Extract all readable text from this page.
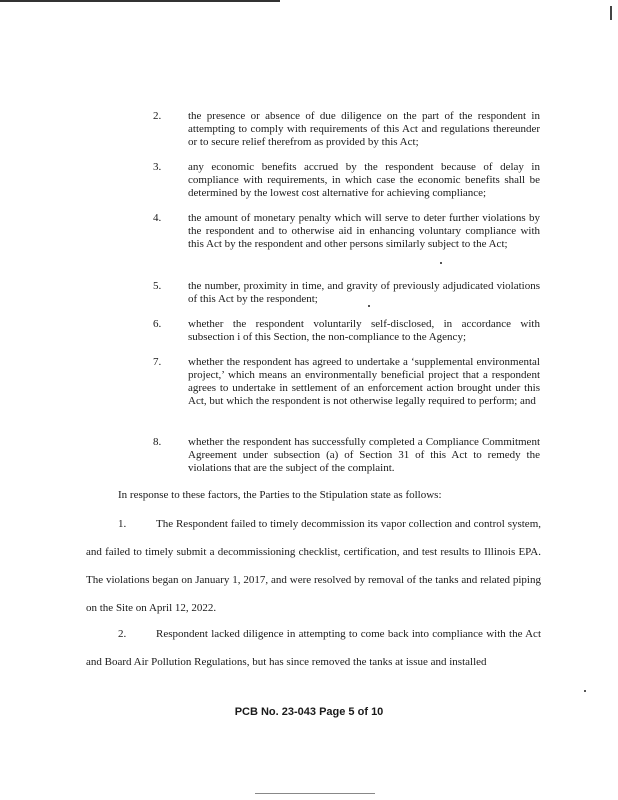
2. the presence or absence of due diligence on the part of the respondent in attempting to comply with requirements of this Act and regulations thereunder or to secure relief therefrom as provided by this Act;
3. any economic benefits accrued by the respondent because of delay in compliance with requirements, in which case the economic benefits shall be determined by the lowest cost alternative for achieving compliance;
4. the amount of monetary penalty which will serve to deter further violations by the respondent and to otherwise aid in enhancing voluntary compliance with this Act by the respondent and other persons similarly subject to the Act;
5. the number, proximity in time, and gravity of previously adjudicated violations of this Act by the respondent;
6. whether the respondent voluntarily self-disclosed, in accordance with subsection i of this Section, the non-compliance to the Agency;
7. whether the respondent has agreed to undertake a ‘supplemental environmental project,’ which means an environmentally beneficial project that a respondent agrees to undertake in settlement of an enforcement action brought under this Act, but which the respondent is not otherwise legally required to perform; and
8. whether the respondent has successfully completed a Compliance Commitment Agreement under subsection (a) of Section 31 of this Act to remedy the violations that are the subject of the complaint.
In response to these factors, the Parties to the Stipulation state as follows:
1.	The Respondent failed to timely decommission its vapor collection and control system, and failed to timely submit a decommissioning checklist, certification, and test results to Illinois EPA. The violations began on January 1, 2017, and were resolved by removal of the tanks and related piping on the Site on April 12, 2022.
2.	Respondent lacked diligence in attempting to come back into compliance with the Act and Board Air Pollution Regulations, but has since removed the tanks at issue and installed
PCB No. 23-043 Page 5 of 10
